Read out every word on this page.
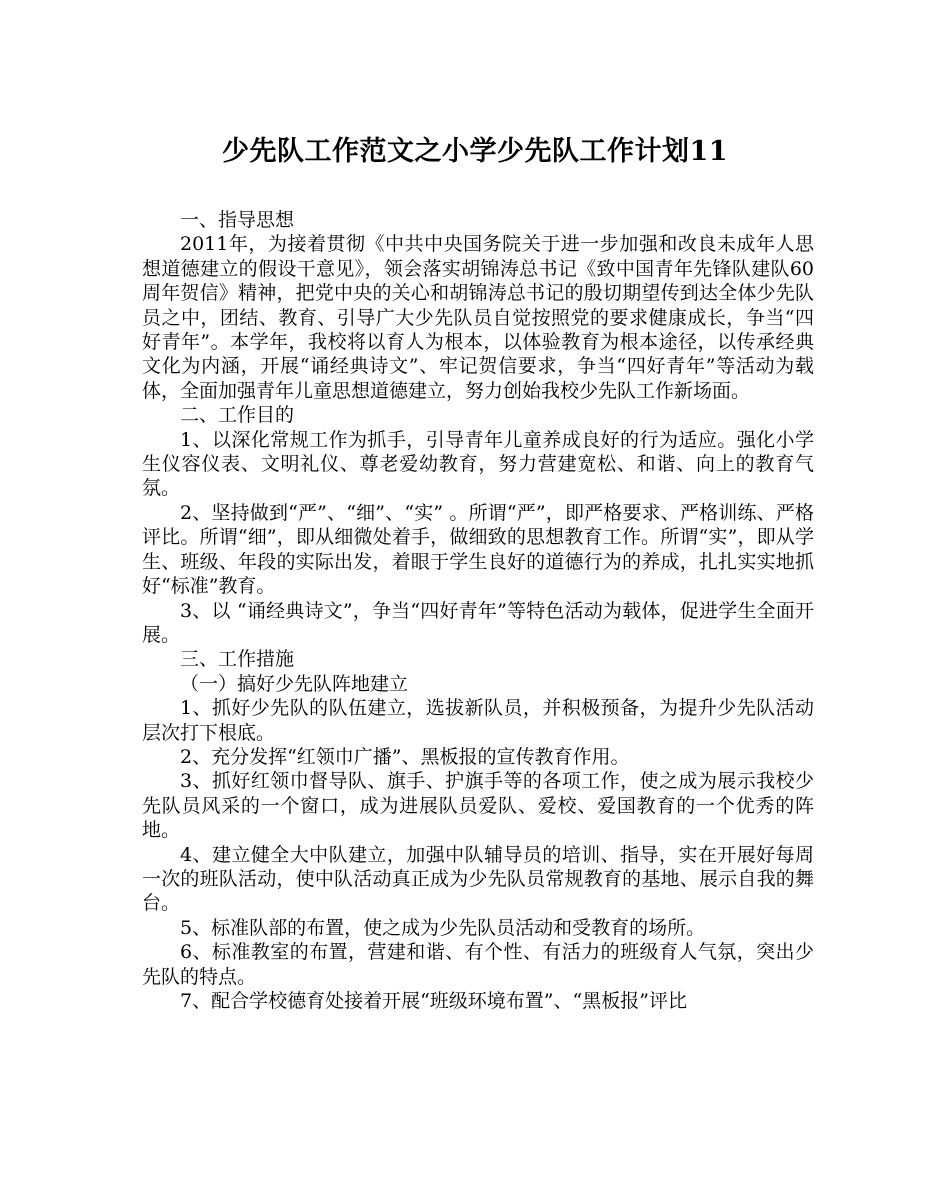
少先队工作范文之小学少先队工作计划11

一、指导思想

2011年，为接着贯彻《中共中央国务院关于进一步加强和改良未成年人思想道德建立的假设干意见》，领会落实胡锦涛总书记《致中国青年先锋队建队60周年贺信》精神，把党中央的关心和胡锦涛总书记的殷切期望传到达全体少先队员之中，团结、教育、引导广大少先队员自觉按照党的要求健康成长，争当“四好青年”。本学年，我校将以育人为根本，以体验教育为根本途径，以传承经典文化为内涵，开展“诵经典诗文”、牢记贺信要求，争当“四好青年”等活动为载体，全面加强青年儿童思想道德建立，努力创始我校少先队工作新场面。

二、工作目的

1、以深化常规工作为抓手，引导青年儿童养成良好的行为适应。强化小学生仪容仪表、文明礼仪、尊老爱幼教育，努力营建宽松、和谐、向上的教育气氛。

2、坚持做到“严”、“细”、“实” 。所谓“严”，即严格要求、严格训练、严格评比。所谓“细”，即从细微处着手，做细致的思想教育工作。所谓“实”，即从学生、班级、年段的实际出发，着眼于学生良好的道德行为的养成，扎扎实实地抓好“标准”教育。

3、以 “诵经典诗文”，争当“四好青年”等特色活动为载体，促进学生全面开展。

三、工作措施

（一）搞好少先队阵地建立

1、抓好少先队的队伍建立，选拔新队员，并积极预备，为提升少先队活动层次打下根底。

2、充分发挥“红领巾广播”、黑板报的宣传教育作用。

3、抓好红领巾督导队、旗手、护旗手等的各项工作，使之成为展示我校少先队员风采的一个窗口，成为进展队员爱队、爱校、爱国教育的一个优秀的阵地。

4、建立健全大中队建立，加强中队辅导员的培训、指导，实在开展好每周一次的班队活动，使中队活动真正成为少先队员常规教育的基地、展示自我的舞台。

5、标准队部的布置，使之成为少先队员活动和受教育的场所。

6、标准教室的布置，营建和谐、有个性、有活力的班级育人气氛，突出少先队的特点。

7、配合学校德育处接着开展“班级环境布置”、“黑板报”评比
